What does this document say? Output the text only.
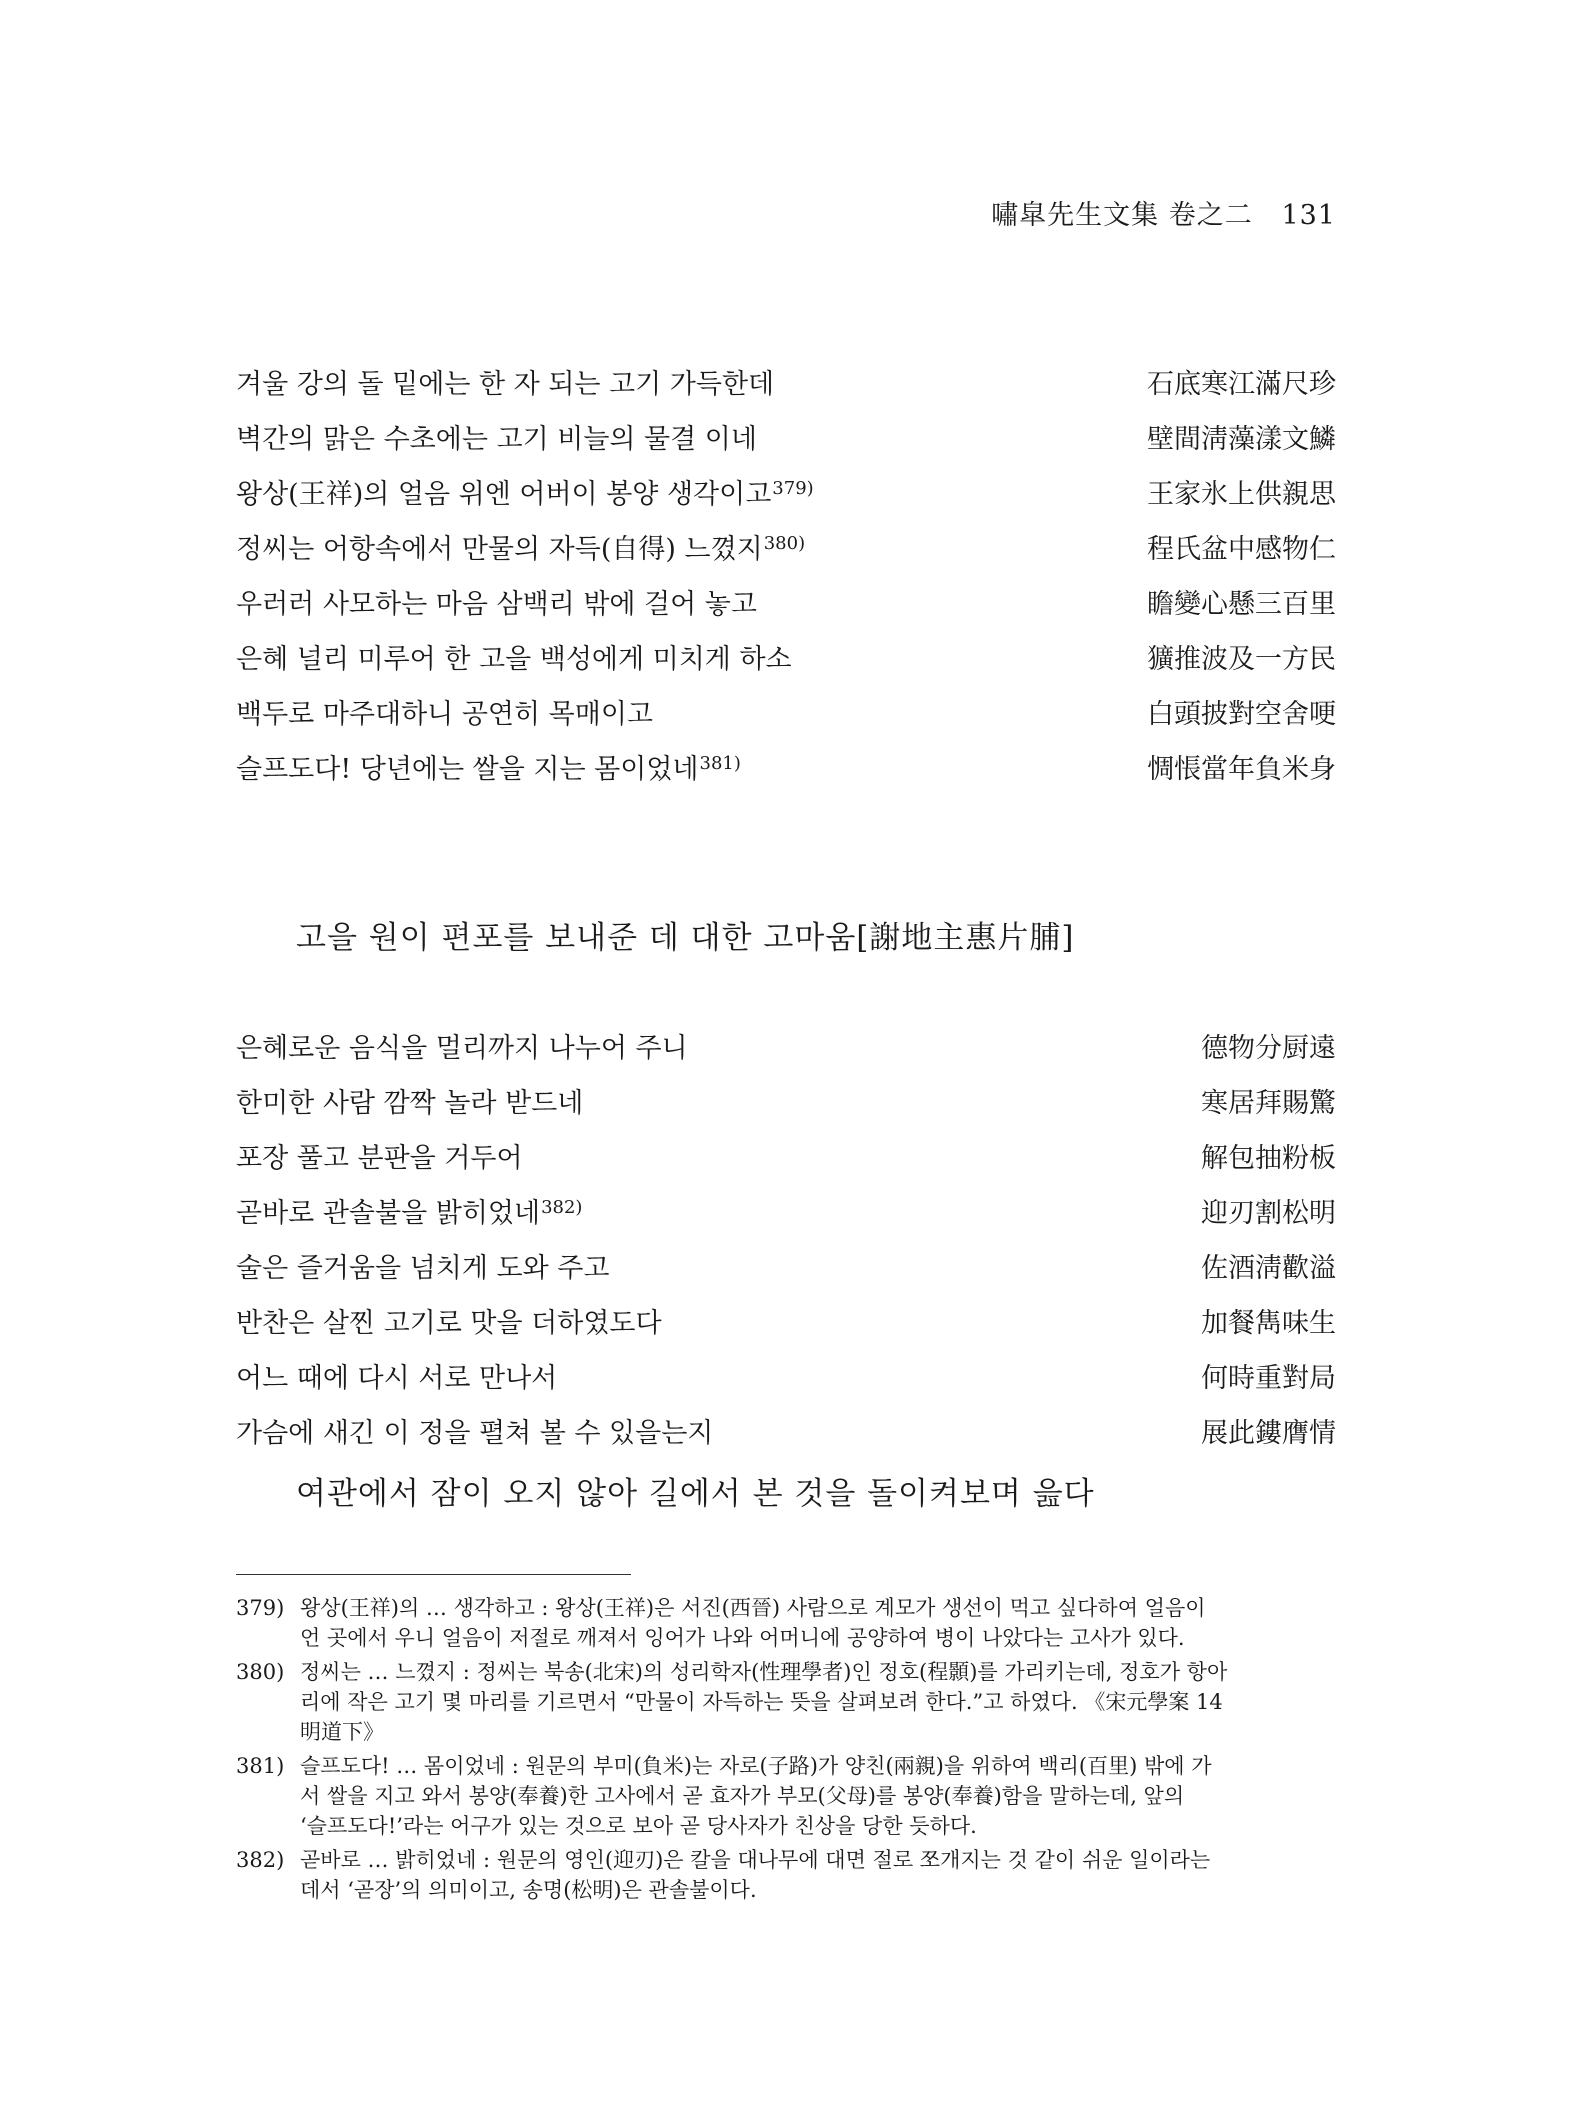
嘯皐先生文集 卷之二 131
겨울 강의 돌 밑에는 한 자 되는 고기 가득한데	石底寒江滿尺珍
벽간의 맑은 수초에는 고기 비늘의 물결 이네	壁間淸藻漾文鱗
왕상(王祥)의 얼음 위엔 어버이 봉양 생각이고$^{379)}$	王家氷上供親思
정씨는 어항속에서 만물의 자득(自得) 느꼈지$^{380)}$	程氏盆中感物仁
우러러 사모하는 마음 삼백리 밖에 걸어 놓고	瞻變心懸三百里
은혜 널리 미루어 한 고을 백성에게 미치게 하소	獷推波及一方民
백두로 마주대하니 공연히 목매이고	白頭披對空舍哽
슬프도다! 당년에는 쌀을 지는 몸이었네$^{381)}$	惆悵當年負米身
고을 원이 편포를 보내준 데 대한 고마움[謝地主惠片脯]
은혜로운 음식을 멀리까지 나누어 주니	德物分厨遠
한미한 사람 깜짝 놀라 받드네	寒居拜賜驚
포장 풀고 분판을 거두어	解包抽粉板
곧바로 관솔불을 밝히었네$^{382)}$	迎刃割松明
술은 즐거움을 넘치게 도와 주고	佐酒淸歡溢
반찬은 살찐 고기로 맛을 더하였도다	加餐雋味生
어느 때에 다시 서로 만나서	何時重對局
가슴에 새긴 이 정을 펼쳐 볼 수 있을는지	展此鏤膺情
여관에서 잠이 오지 않아 길에서 본 것을 돌이켜보며 읊다
379) 왕상(王祥)의 … 생각하고 : 왕상(王祥)은 서진(西晉) 사람으로 계모가 생선이 먹고 싶다하여 얼음이
언 곳에서 우니 얼음이 저절로 깨져서 잉어가 나와 어머니에 공양하여 병이 나았다는 고사가 있다.
380) 정씨는 … 느꼈지 : 정씨는 북송(北宋)의 성리학자(性理學者)인 정호(程顥)를 가리키는데, 정호가 항아
리에 작은 고기 몇 마리를 기르면서 “만물이 자득하는 뜻을 살펴보려 한다.”고 하였다. 《宋元學案 14
明道下》
381) 슬프도다! … 몸이었네 : 원문의 부미(負米)는 자로(子路)가 양친(兩親)을 위하여 백리(百里) 밖에 가
서 쌀을 지고 와서 봉양(奉養)한 고사에서 곧 효자가 부모(父母)를 봉양(奉養)함을 말하는데, 앞의
‘슬프도다!’라는 어구가 있는 것으로 보아 곧 당사자가 친상을 당한 듯하다.
382) 곧바로 … 밝히었네 : 원문의 영인(迎刃)은 칼을 대나무에 대면 절로 쪼개지는 것 같이 쉬운 일이라는
데서 ‘곧장’의 의미이고, 송명(松明)은 관솔불이다.
